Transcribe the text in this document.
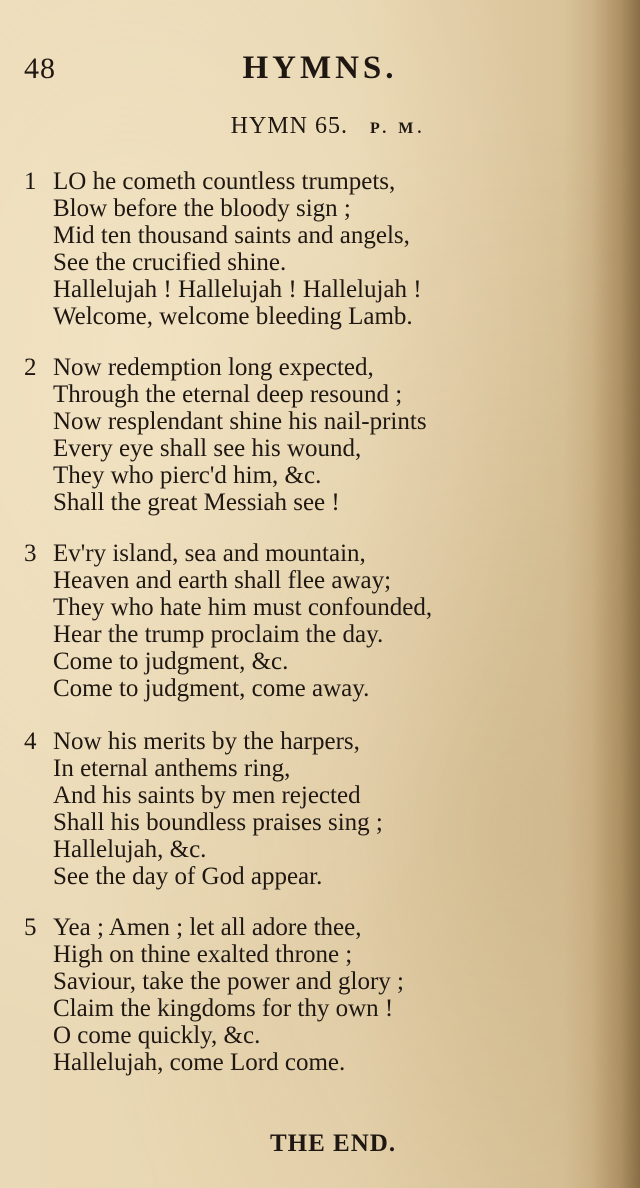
48	HYMNS.
HYMN 65. P. M.
1 LO he cometh countless trumpets,
Blow before the bloody sign ;
Mid ten thousand saints and angels,
See the crucified shine.
Hallelujah ! Hallelujah ! Hallelujah !
Welcome, welcome bleeding Lamb.
2 Now redemption long expected,
Through the eternal deep resound ;
Now resplendant shine his nail-prints
Every eye shall see his wound,
They who pierc'd him, &c.
Shall the great Messiah see !
3 Ev'ry island, sea and mountain,
Heaven and earth shall flee away;
They who hate him must confounded,
Hear the trump proclaim the day.
Come to judgment, &c.
Come to judgment, come away.
4 Now his merits by the harpers,
In eternal anthems ring,
And his saints by men rejected
Shall his boundless praises sing ;
Hallelujah, &c.
See the day of God appear.
5 Yea ; Amen ; let all adore thee,
High on thine exalted throne ;
Saviour, take the power and glory ;
Claim the kingdoms for thy own !
O come quickly, &c.
Hallelujah, come Lord come.
THE END.
